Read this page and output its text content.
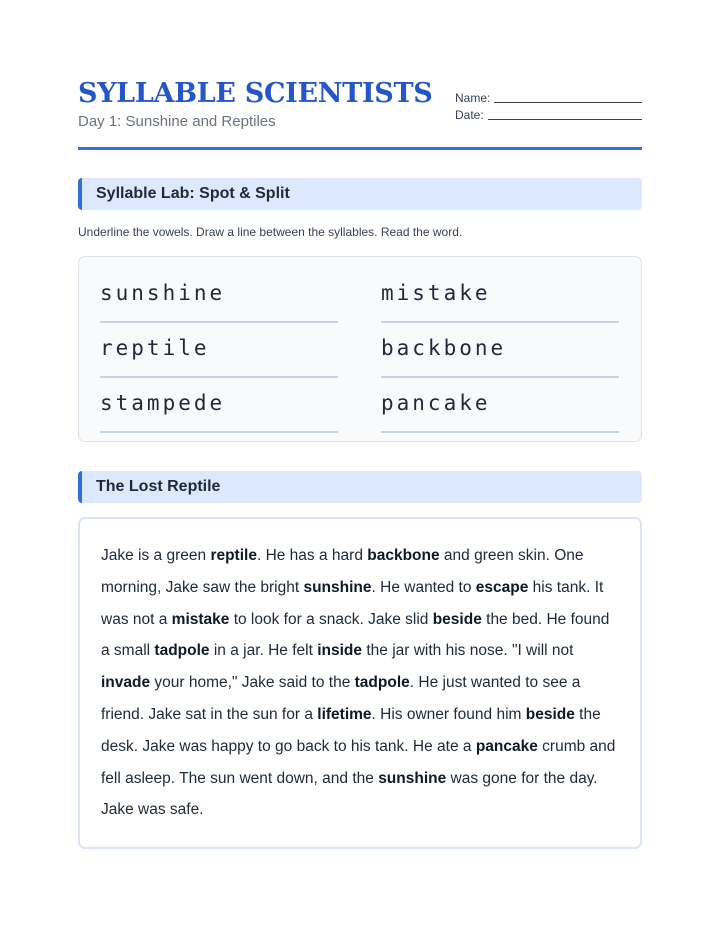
SYLLABLE SCIENTISTS
Day 1: Sunshine and Reptiles
Name:
Date:
Syllable Lab: Spot & Split
Underline the vowels. Draw a line between the syllables. Read the word.
sunshine	mistake
reptile	backbone
stampede	pancake
The Lost Reptile

Jake is a green reptile. He has a hard backbone and green skin. One morning, Jake saw the bright sunshine. He wanted to escape his tank. It was not a mistake to look for a snack. Jake slid beside the bed. He found a small tadpole in a jar. He felt inside the jar with his nose. "I will not invade your home," Jake said to the tadpole. He just wanted to see a friend. Jake sat in the sun for a lifetime. His owner found him beside the desk. Jake was happy to go back to his tank. He ate a pancake crumb and fell asleep. The sun went down, and the sunshine was gone for the day. Jake was safe.
